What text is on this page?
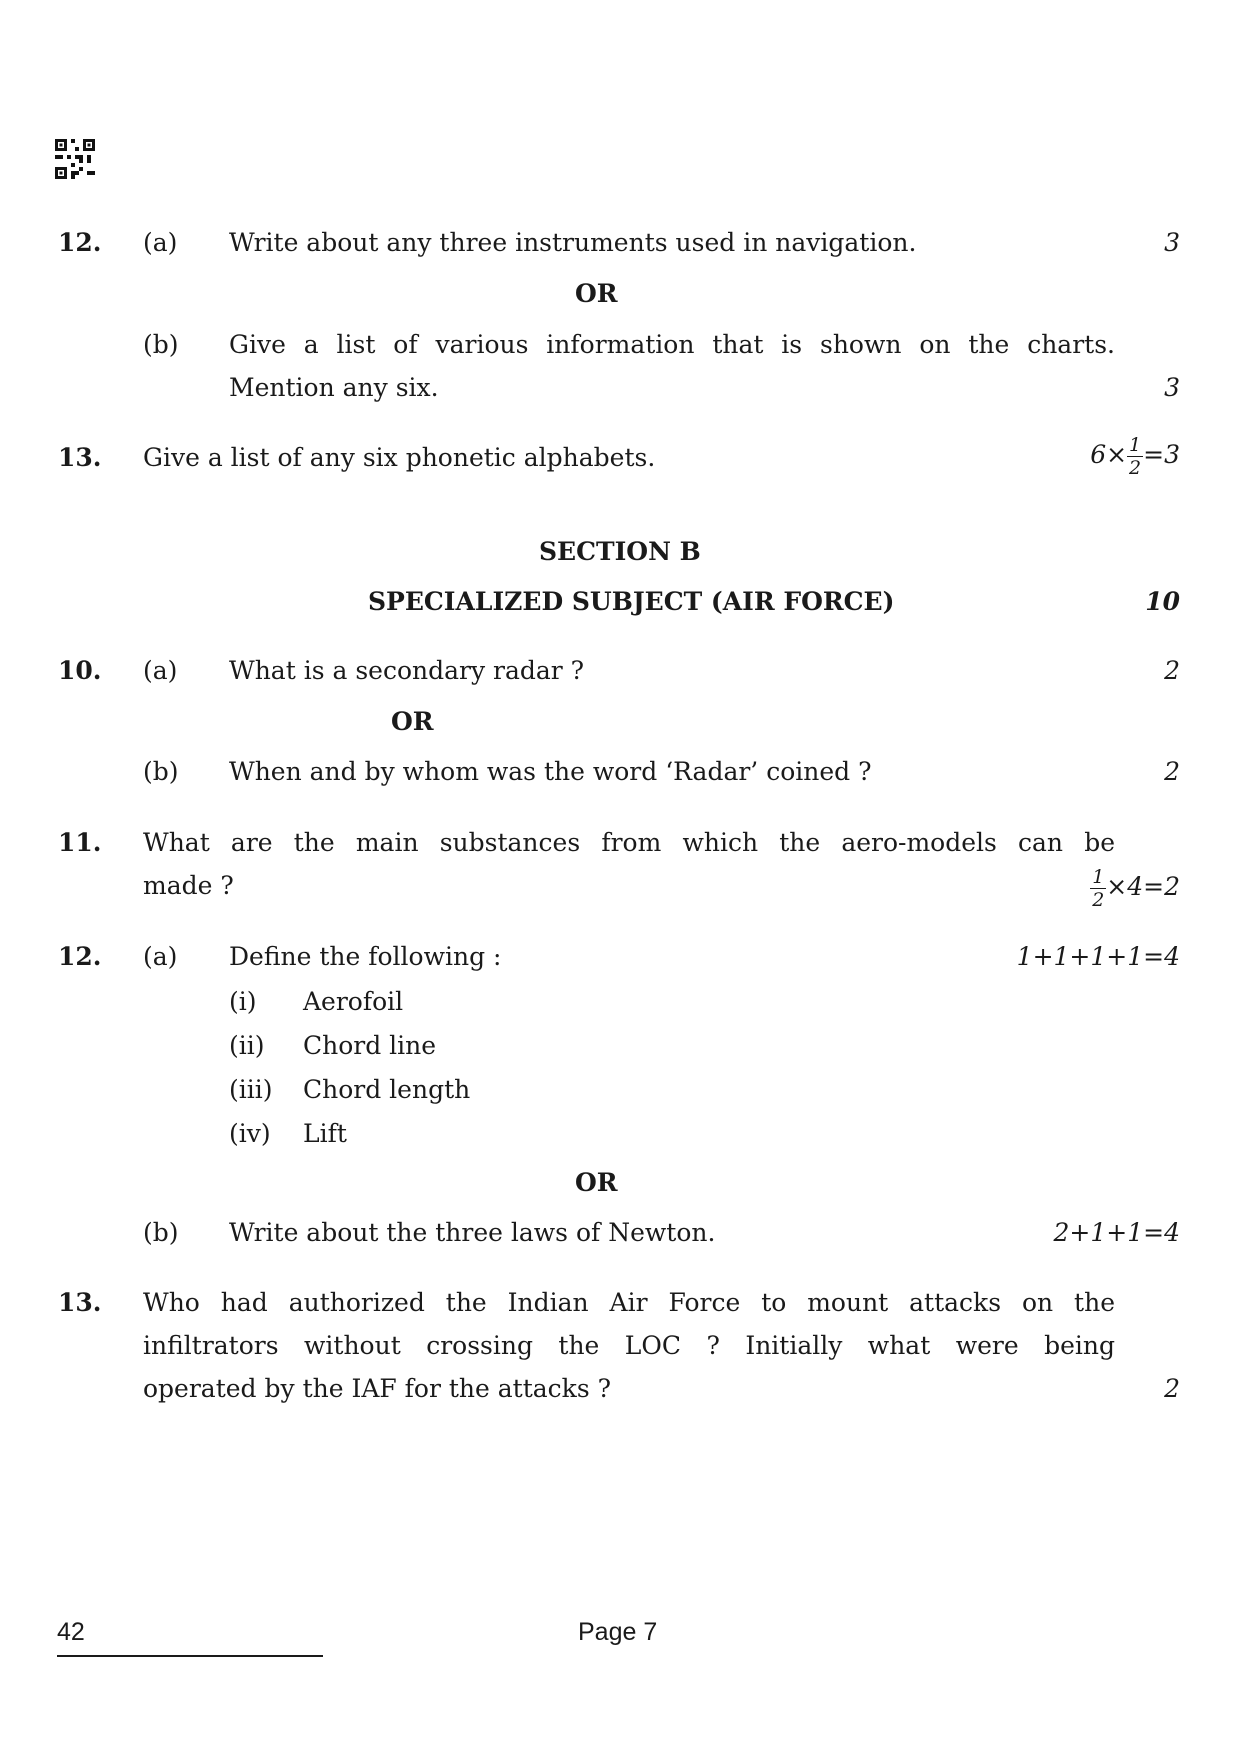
12. (a) Write about any three instruments used in navigation.	3
OR
(b) Give a list of various information that is shown on the charts.
Mention any six.	3
13. Give a list of any six phonetic alphabets.	$6\times \frac{1}{2} =3$
SECTION B
SPECIALIZED SUBJECT (AIR FORCE)	10
10. (a) What is a secondary radar ?	2
OR
(b) When and by whom was the word ‘Radar’ coined ?	2
11. What are the main substances from which the aero-models can be
made ?	$\frac{1}{2} \times 4=2$
12. (a) Define the following :	1+1+1+1=4
(i) Aerofoil
(ii) Chord line
(iii) Chord length
(iv) Lift
OR
(b) Write about the three laws of Newton.	2+1+1=4
13. Who had authorized the Indian Air Force to mount attacks on the
infiltrators without crossing the LOC ? Initially what were being
operated by the IAF for the attacks ?	2
42	Page 7
